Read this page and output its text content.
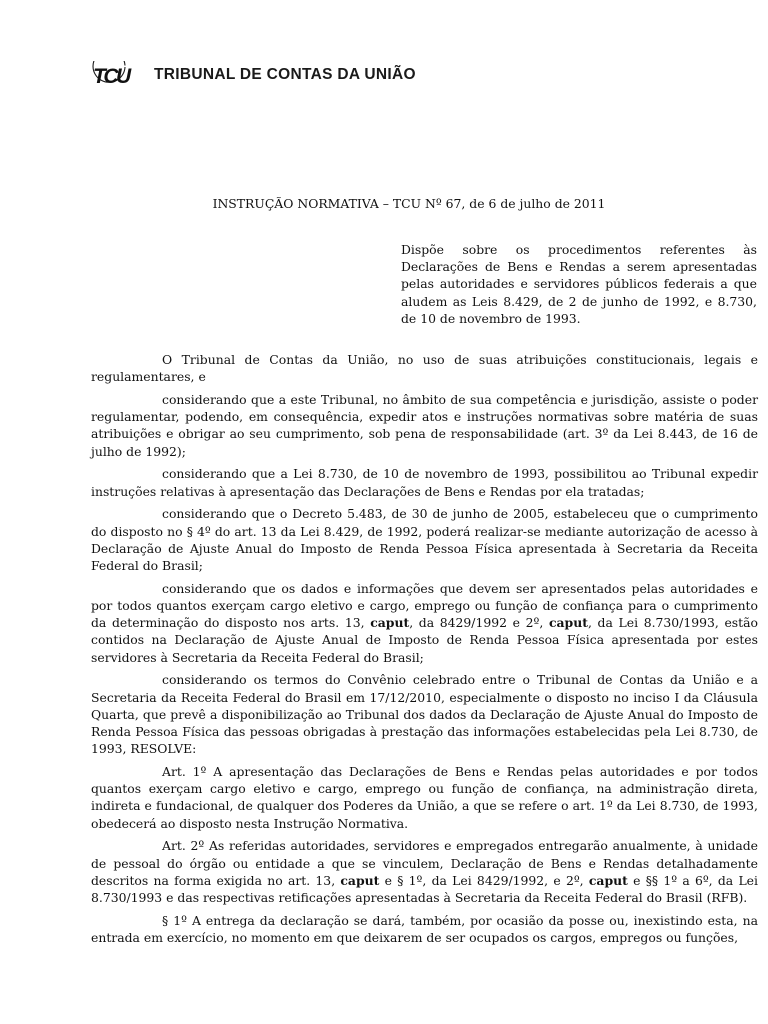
TCU TRIBUNAL DE CONTAS DA UNIÃO
INSTRUÇÃO NORMATIVA – TCU Nº 67, de 6 de julho de 2011
Dispõe sobre os procedimentos referentes às Declarações de Bens e Rendas a serem apresentadas pelas autoridades e servidores públicos federais a que aludem as Leis 8.429, de 2 de junho de 1992, e 8.730, de 10 de novembro de 1993.

O Tribunal de Contas da União, no uso de suas atribuições constitucionais, legais e regulamentares, e

considerando que a este Tribunal, no âmbito de sua competência e jurisdição, assiste o poder regulamentar, podendo, em consequência, expedir atos e instruções normativas sobre matéria de suas atribuições e obrigar ao seu cumprimento, sob pena de responsabilidade (art. 3º da Lei 8.443, de 16 de julho de 1992);

considerando que a Lei 8.730, de 10 de novembro de 1993, possibilitou ao Tribunal expedir instruções relativas à apresentação das Declarações de Bens e Rendas por ela tratadas;

considerando que o Decreto 5.483, de 30 de junho de 2005, estabeleceu que o cumprimento do disposto no § 4º do art. 13 da Lei 8.429, de 1992, poderá realizar-se mediante autorização de acesso à Declaração de Ajuste Anual do Imposto de Renda Pessoa Física apresentada à Secretaria da Receita Federal do Brasil;

considerando que os dados e informações que devem ser apresentados pelas autoridades e por todos quantos exerçam cargo eletivo e cargo, emprego ou função de confiança para o cumprimento da determinação do disposto nos arts. 13, caput, da 8429/1992 e 2º, caput, da Lei 8.730/1993, estão contidos na Declaração de Ajuste Anual de Imposto de Renda Pessoa Física apresentada por estes servidores à Secretaria da Receita Federal do Brasil;

considerando os termos do Convênio celebrado entre o Tribunal de Contas da União e a Secretaria da Receita Federal do Brasil em 17/12/2010, especialmente o disposto no inciso I da Cláusula Quarta, que prevê a disponibilização ao Tribunal dos dados da Declaração de Ajuste Anual do Imposto de Renda Pessoa Física das pessoas obrigadas à prestação das informações estabelecidas pela Lei 8.730, de 1993, RESOLVE:

Art. 1º A apresentação das Declarações de Bens e Rendas pelas autoridades e por todos quantos exerçam cargo eletivo e cargo, emprego ou função de confiança, na administração direta, indireta e fundacional, de qualquer dos Poderes da União, a que se refere o art. 1º da Lei 8.730, de 1993, obedecerá ao disposto nesta Instrução Normativa.

Art. 2º As referidas autoridades, servidores e empregados entregarão anualmente, à unidade de pessoal do órgão ou entidade a que se vinculem, Declaração de Bens e Rendas detalhadamente descritos na forma exigida no art. 13, caput e § 1º, da Lei 8429/1992, e 2º, caput e §§ 1º a 6º, da Lei 8.730/1993 e das respectivas retificações apresentadas à Secretaria da Receita Federal do Brasil (RFB).

§ 1º A entrega da declaração se dará, também, por ocasião da posse ou, inexistindo esta, na entrada em exercício, no momento em que deixarem de ser ocupados os cargos, empregos ou funções,
